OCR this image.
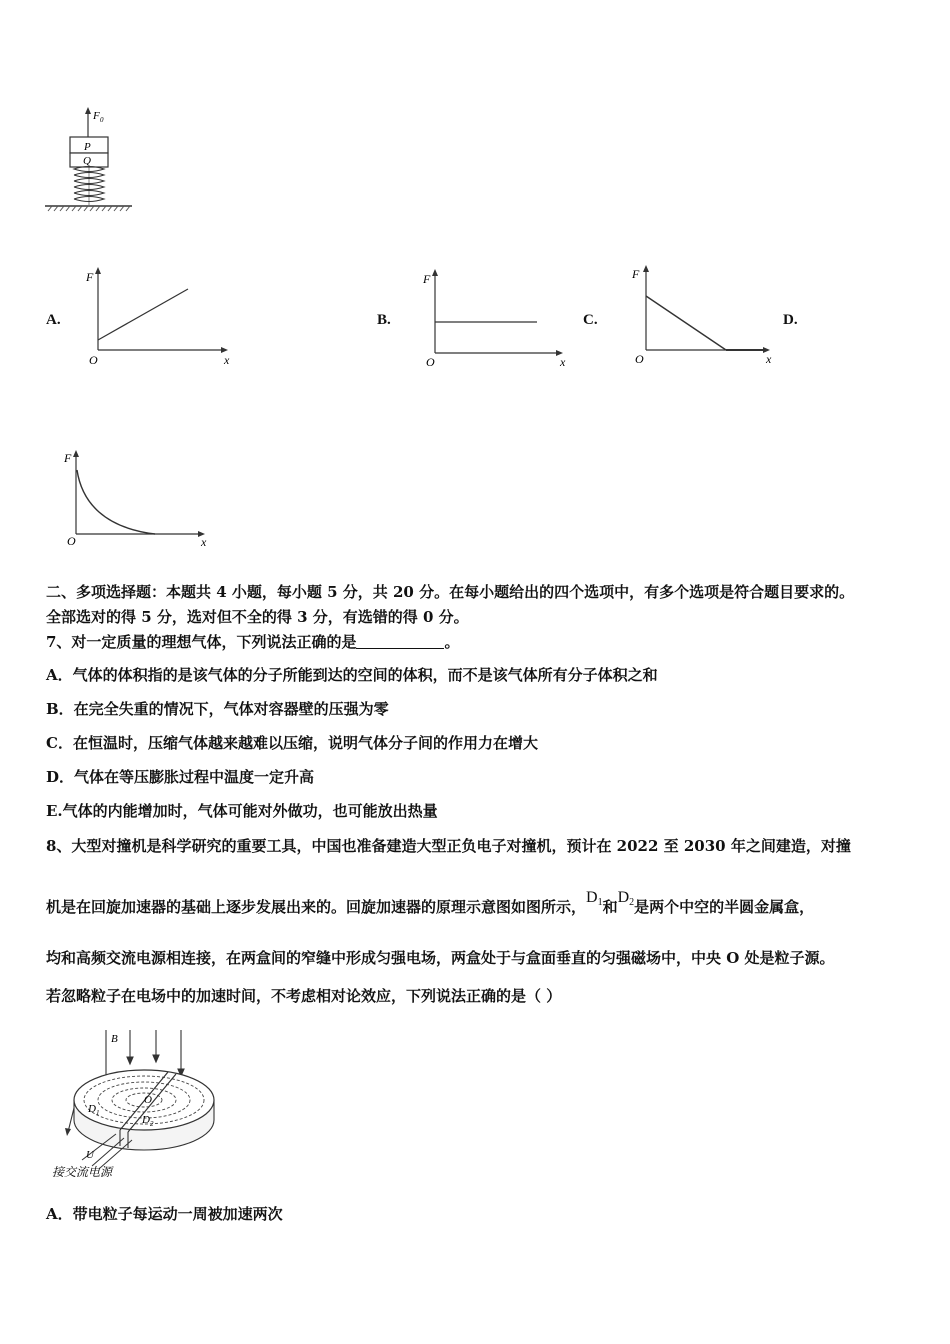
F 0
P
Q
A.	B.	C.	D.
F
O	x
F
O	x
F
O	x
F
O	x
二、多项选择题：本题共 4 小题，每小题 5 分，共 20 分。在每小题给出的四个选项中，有多个选项是符合题目要求的。
全部选对的得 5 分，选对但不全的得 3 分，有选错的得 0 分。
7、对一定质量的理想气体，下列说法正确的是	。
A．气体的体积指的是该气体的分子所能到达的空间的体积，而不是该气体所有分子体积之和
B．在完全失重的情况下，气体对容器壁的压强为零
C．在恒温时，压缩气体越来越难以压缩，说明气体分子间的作用力在增大
D．气体在等压膨胀过程中温度一定升高
E.气体的内能增加时，气体可能对外做功，也可能放出热量
8、大型对撞机是科学研究的重要工具，中国也准备建造大型正负电子对撞机，预计在 2022 至 2030 年之间建造，对撞
机是在回旋加速器的基础上逐步发展出来的。回旋加速器的原理示意图如图所示，$D_1$和$D_2$是两个中空的半圆金属盒，
均和高频交流电源相连接，在两盒间的窄缝中形成匀强电场，两盒处于与盒面垂直的匀强磁场中，中央 O 处是粒子源。
若忽略粒子在电场中的加速时间，不考虑相对论效应，下列说法正确的是（ ）
B
D 1
O
D 2
U
接交流电源
A．带电粒子每运动一周被加速两次
